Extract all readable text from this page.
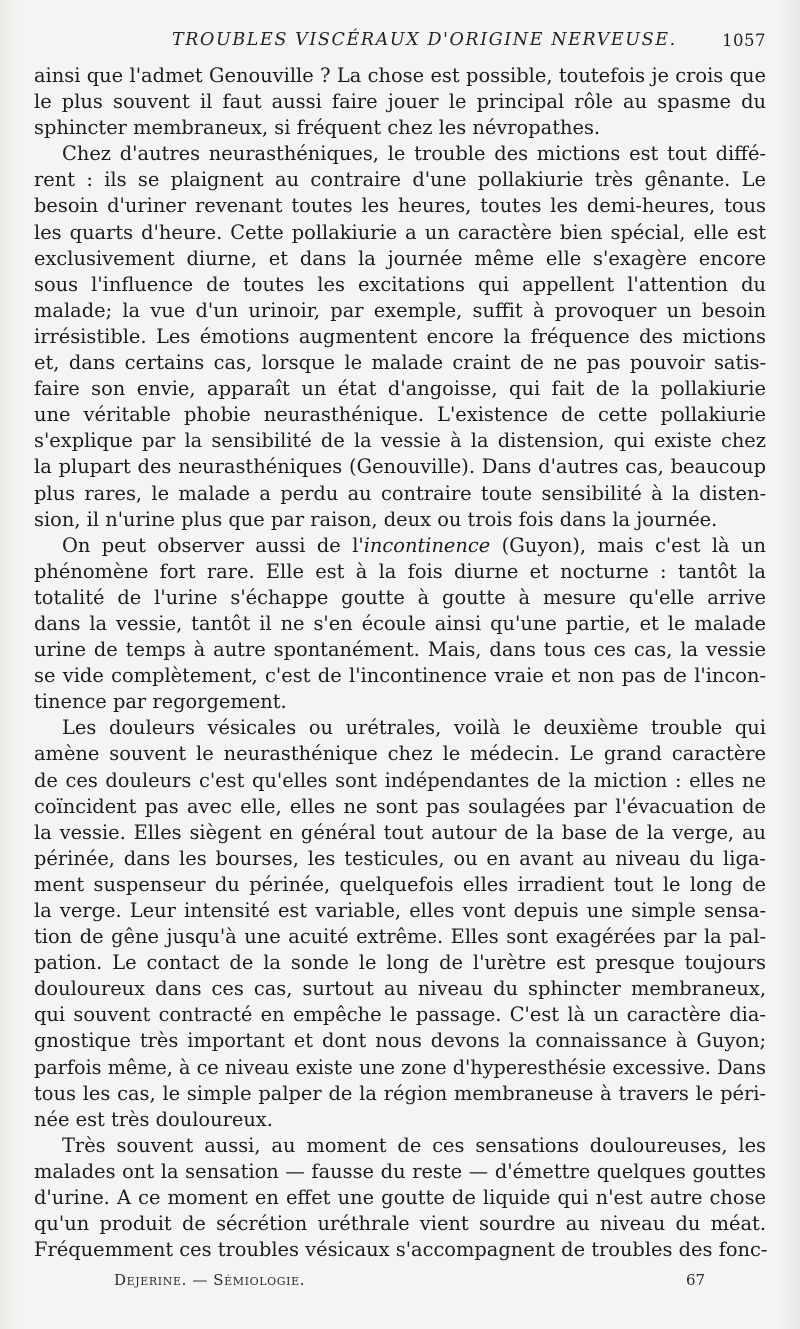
TROUBLES VISCÉRAUX D'ORIGINE NERVEUSE.	1057
ainsi que l'admet Genouville ? La chose est possible, toutefois je crois que
le plus souvent il faut aussi faire jouer le principal rôle au spasme du
sphincter membraneux, si fréquent chez les névropathes.
Chez d'autres neurasthéniques, le trouble des mictions est tout diffé-
rent : ils se plaignent au contraire d'une pollakiurie très gênante. Le
besoin d'uriner revenant toutes les heures, toutes les demi-heures, tous
les quarts d'heure. Cette pollakiurie a un caractère bien spécial, elle est
exclusivement diurne, et dans la journée même elle s'exagère encore
sous l'influence de toutes les excitations qui appellent l'attention du
malade; la vue d'un urinoir, par exemple, suffit à provoquer un besoin
irrésistible. Les émotions augmentent encore la fréquence des mictions
et, dans certains cas, lorsque le malade craint de ne pas pouvoir satis-
faire son envie, apparaît un état d'angoisse, qui fait de la pollakiurie
une véritable phobie neurasthénique. L'existence de cette pollakiurie
s'explique par la sensibilité de la vessie à la distension, qui existe chez
la plupart des neurasthéniques (Genouville). Dans d'autres cas, beaucoup
plus rares, le malade a perdu au contraire toute sensibilité à la disten-
sion, il n'urine plus que par raison, deux ou trois fois dans la journée.
On peut observer aussi de l'incontinence (Guyon), mais c'est là un
phénomène fort rare. Elle est à la fois diurne et nocturne : tantôt la
totalité de l'urine s'échappe goutte à goutte à mesure qu'elle arrive
dans la vessie, tantôt il ne s'en écoule ainsi qu'une partie, et le malade
urine de temps à autre spontanément. Mais, dans tous ces cas, la vessie
se vide complètement, c'est de l'incontinence vraie et non pas de l'incon-
tinence par regorgement.
Les douleurs vésicales ou urétrales, voilà le deuxième trouble qui
amène souvent le neurasthénique chez le médecin. Le grand caractère
de ces douleurs c'est qu'elles sont indépendantes de la miction : elles ne
coïncident pas avec elle, elles ne sont pas soulagées par l'évacuation de
la vessie. Elles siègent en général tout autour de la base de la verge, au
périnée, dans les bourses, les testicules, ou en avant au niveau du liga-
ment suspenseur du périnée, quelquefois elles irradient tout le long de
la verge. Leur intensité est variable, elles vont depuis une simple sensa-
tion de gêne jusqu'à une acuité extrême. Elles sont exagérées par la pal-
pation. Le contact de la sonde le long de l'urètre est presque toujours
douloureux dans ces cas, surtout au niveau du sphincter membraneux,
qui souvent contracté en empêche le passage. C'est là un caractère dia-
gnostique très important et dont nous devons la connaissance à Guyon;
parfois même, à ce niveau existe une zone d'hyperesthésie excessive. Dans
tous les cas, le simple palper de la région membraneuse à travers le péri-
née est très douloureux.
Très souvent aussi, au moment de ces sensations douloureuses, les
malades ont la sensation — fausse du reste — d'émettre quelques gouttes
d'urine. A ce moment en effet une goutte de liquide qui n'est autre chose
qu'un produit de sécrétion uréthrale vient sourdre au niveau du méat.
Fréquemment ces troubles vésicaux s'accompagnent de troubles des fonc-
Dejerine. — Sémiologie.	67
